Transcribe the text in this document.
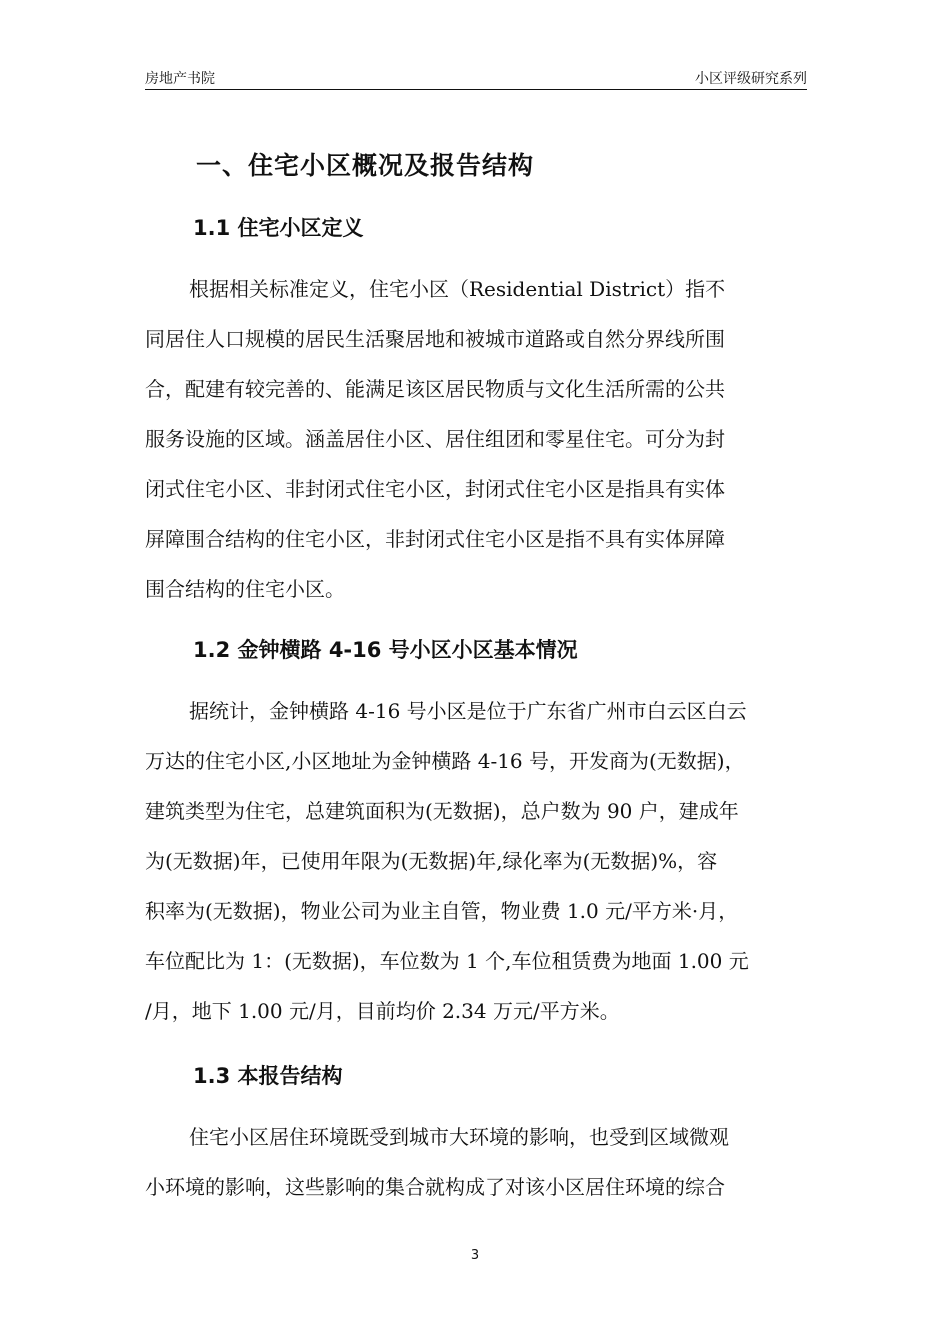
房地产书院	小区评级研究系列
一、住宅小区概况及报告结构
1.1 住宅小区定义
根据相关标准定义，住宅小区（Residential District）指不
同居住人口规模的居民生活聚居地和被城市道路或自然分界线所围
合，配建有较完善的、能满足该区居民物质与文化生活所需的公共
服务设施的区域。涵盖居住小区、居住组团和零星住宅。可分为封
闭式住宅小区、非封闭式住宅小区，封闭式住宅小区是指具有实体
屏障围合结构的住宅小区，非封闭式住宅小区是指不具有实体屏障
围合结构的住宅小区。
1.2 金钟横路 4-16 号小区小区基本情况
据统计，金钟横路 4-16 号小区是位于广东省广州市白云区白云
万达的住宅小区,小区地址为金钟横路 4-16 号，开发商为(无数据)，
建筑类型为住宅，总建筑面积为(无数据)，总户数为 90 户，建成年
为(无数据)年，已使用年限为(无数据)年,绿化率为(无数据)%，容
积率为(无数据)，物业公司为业主自管，物业费 1.0 元/平方米·月，
车位配比为 1：(无数据)，车位数为 1 个,车位租赁费为地面 1.00 元
/月，地下 1.00 元/月，目前均价 2.34 万元/平方米。
1.3 本报告结构
住宅小区居住环境既受到城市大环境的影响，也受到区域微观
小环境的影响，这些影响的集合就构成了对该小区居住环境的综合
3
